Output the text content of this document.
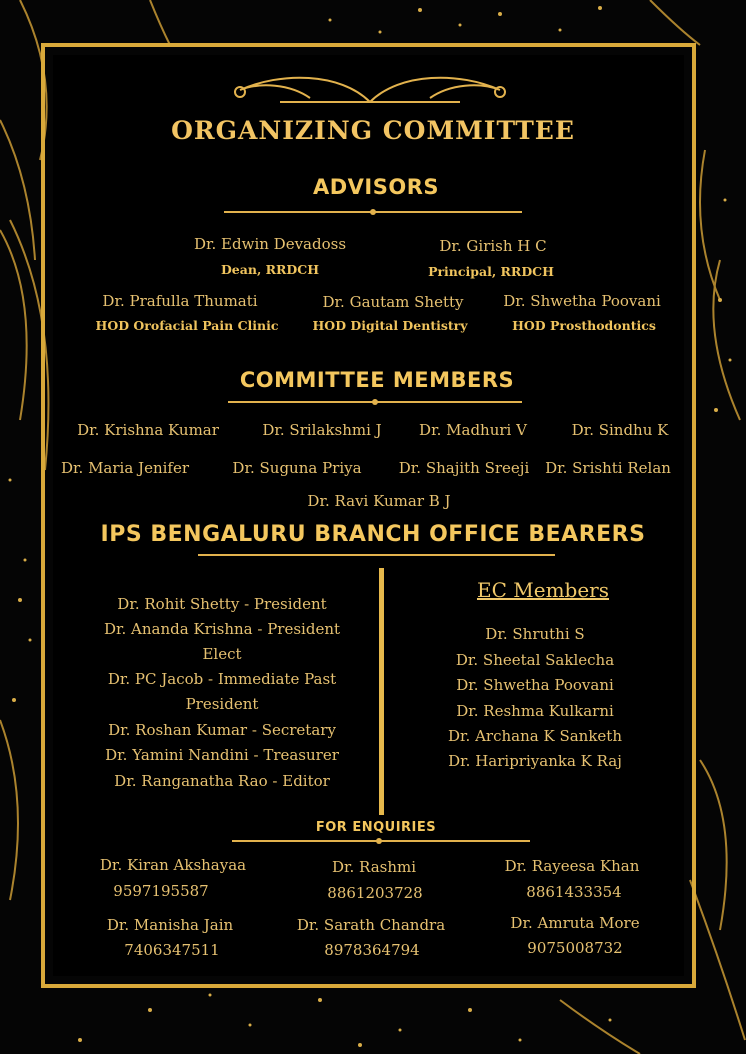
ORGANIZING COMMITTEE
ADVISORS
Dr. Edwin Devadoss
Dean, RRDCH
Dr. Girish H C
Principal, RRDCH
Dr. Prafulla Thumati
HOD Orofacial Pain Clinic
Dr. Gautam Shetty
HOD Digital Dentistry
Dr. Shwetha Poovani
HOD Prosthodontics
COMMITTEE MEMBERS
Dr. Krishna Kumar	Dr. Srilakshmi J Dr. Madhuri V	Dr. Sindhu K
Dr. Maria Jenifer	Dr. Suguna Priya Dr. Shajith Sreeji Dr. Srishti Relan
Dr. Ravi Kumar B J
IPS BENGALURU BRANCH OFFICE BEARERS
Dr. Rohit Shetty - President
Dr. Ananda Krishna - President
Elect
Dr. PC Jacob - Immediate Past
President
Dr. Roshan Kumar - Secretary
Dr. Yamini Nandini - Treasurer
Dr. Ranganatha Rao - Editor
EC Members
Dr. Shruthi S
Dr. Sheetal Saklecha
Dr. Shwetha Poovani
Dr. Reshma Kulkarni
Dr. Archana K Sanketh
Dr. Haripriyanka K Raj
FOR ENQUIRIES
Dr. Kiran Akshayaa
9597195587
Dr. Rashmi
8861203728
Dr. Rayeesa Khan
8861433354
Dr. Manisha Jain
7406347511
Dr. Sarath Chandra
8978364794
Dr. Amruta More
9075008732
